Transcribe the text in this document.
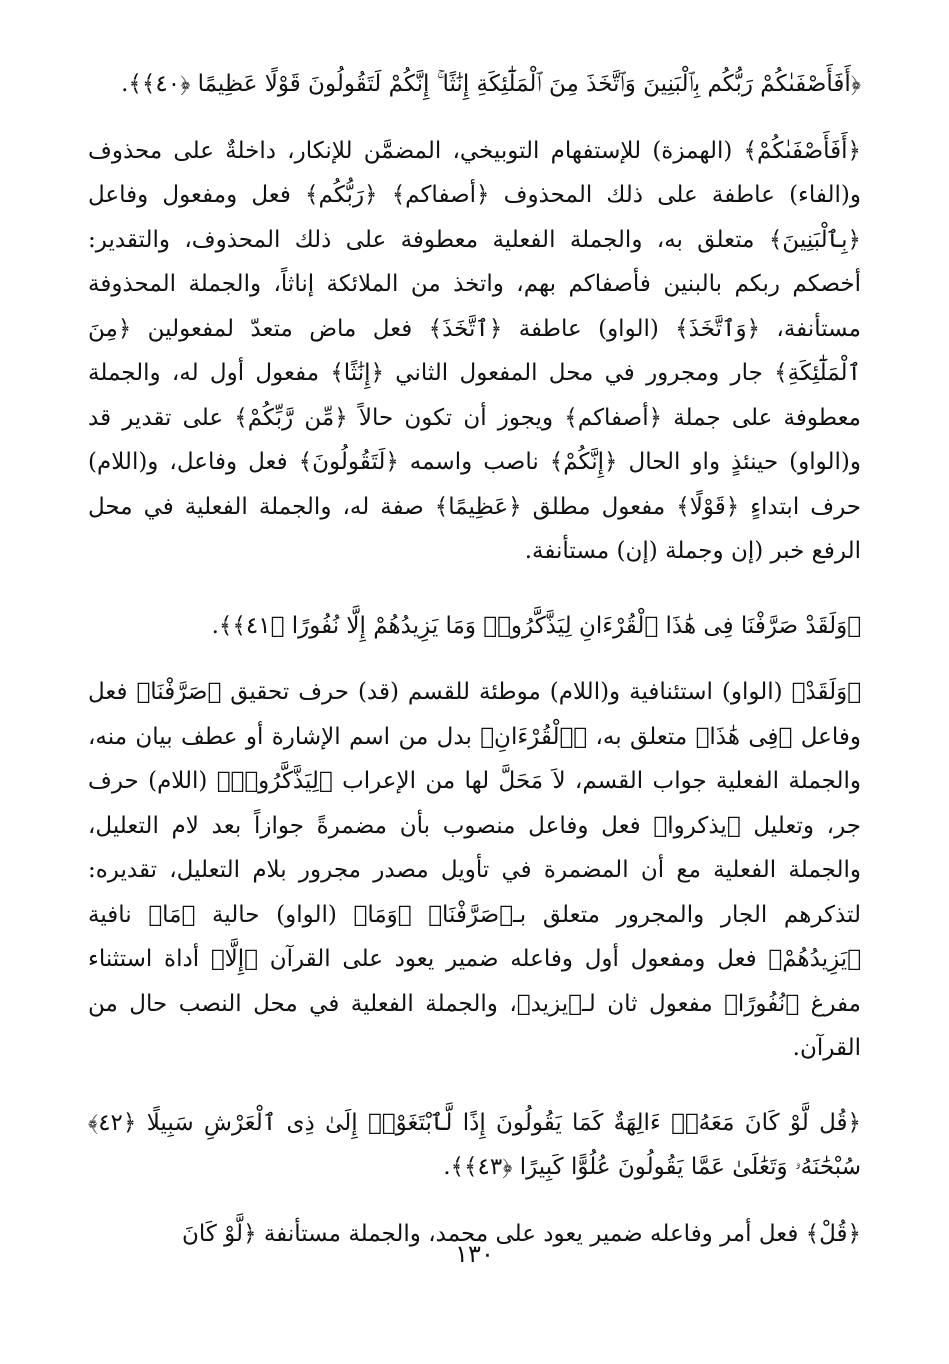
﴿أَفَأَصْفَىٰكُمْ رَبُّكُم بِٱلْبَنِينَ وَٱتَّخَذَ مِنَ ٱلْمَلَٰٓئِكَةِ إِنَٰثًا ۚ إِنَّكُمْ لَتَقُولُونَ قَوْلًا عَظِيمًا ﴿٤٠﴾﴾.

﴿أَفَأَصْفَىٰكُمْ﴾ (الهمزة) للإستفهام التوبيخي، المضمَّن للإنكار، داخلةٌ على محذوف و(الفاء) عاطفة على ذلك المحذوف ﴿أصفاكم﴾ ﴿رَبُّكُم﴾ فعل ومفعول وفاعل ﴿بِٱلْبَنِينَ﴾ متعلق به، والجملة الفعلية معطوفة على ذلك المحذوف، والتقدير: أخصكم ربكم بالبنين فأصفاكم بهم، واتخذ من الملائكة إناثاً، والجملة المحذوفة مستأنفة، ﴿وَٱتَّخَذَ﴾ (الواو) عاطفة ﴿ٱتَّخَذَ﴾ فعل ماض متعدّ لمفعولين ﴿مِنَ ٱلْمَلَٰٓئِكَةِ﴾ جار ومجرور في محل المفعول الثاني ﴿إِنَٰثًا﴾ مفعول أول له، والجملة معطوفة على جملة ﴿أصفاكم﴾ ويجوز أن تكون حالاً ﴿مِّن رَّبِّكُمْ﴾ على تقدير قد و(الواو) حينئذٍ واو الحال ﴿إِنَّكُمْ﴾ ناصب واسمه ﴿لَتَقُولُونَ﴾ فعل وفاعل، و(اللام) حرف ابتداءٍ ﴿قَوْلًا﴾ مفعول مطلق ﴿عَظِيمًا﴾ صفة له، والجملة الفعلية في محل الرفع خبر (إن وجملة (إن) مستأنفة.

﴿وَلَقَدْ صَرَّفْنَا فِى هَٰذَا ٱلْقُرْءَانِ لِيَذَّكَّرُوا۟ وَمَا يَزِيدُهُمْ إِلَّا نُفُورًا ﴿٤١﴾﴾.

﴿وَلَقَدْ﴾ (الواو) استئنافية و(اللام) موطئة للقسم (قد) حرف تحقيق ﴿صَرَّفْنَا﴾ فعل وفاعل ﴿فِى هَٰذَا﴾ متعلق به، ﴿ٱلْقُرْءَانِ﴾ بدل من اسم الإشارة أو عطف بيان منه، والجملة الفعلية جواب القسم، لاَ مَحَلَّ لها من الإعراب ﴿لِيَذَّكَّرُوا۟﴾ (اللام) حرف جر، وتعليل ﴿يذكروا﴾ فعل وفاعل منصوب بأن مضمرةً جوازاً بعد لام التعليل، والجملة الفعلية مع أن المضمرة في تأويل مصدر مجرور بلام التعليل، تقديره: لتذكرهم الجار والمجرور متعلق بـ﴿صَرَّفْنَا﴾ ﴿وَمَا﴾ (الواو) حالية ﴿مَا﴾ نافية ﴿يَزِيدُهُمْ﴾ فعل ومفعول أول وفاعله ضمير يعود على القرآن ﴿إِلَّا﴾ أداة استثناء مفرغ ﴿نُفُورًا﴾ مفعول ثان لـ﴿يزيد﴾، والجملة الفعلية في محل النصب حال من القرآن.

﴿قُل لَّوْ كَانَ مَعَهُۥٓ ءَالِهَةٌ كَمَا يَقُولُونَ إِذًا لَّٱبْتَغَوْا۟ إِلَىٰ ذِى ٱلْعَرْشِ سَبِيلًا ﴿٤٢﴾ سُبْحَٰنَهُۥ وَتَعَٰلَىٰ عَمَّا يَقُولُونَ عُلُوًّا كَبِيرًا ﴿٤٣﴾﴾.

﴿قُلْ﴾ فعل أمر وفاعله ضمير يعود على محمد، والجملة مستأنفة ﴿لَّوْ كَانَ

١٣٠
